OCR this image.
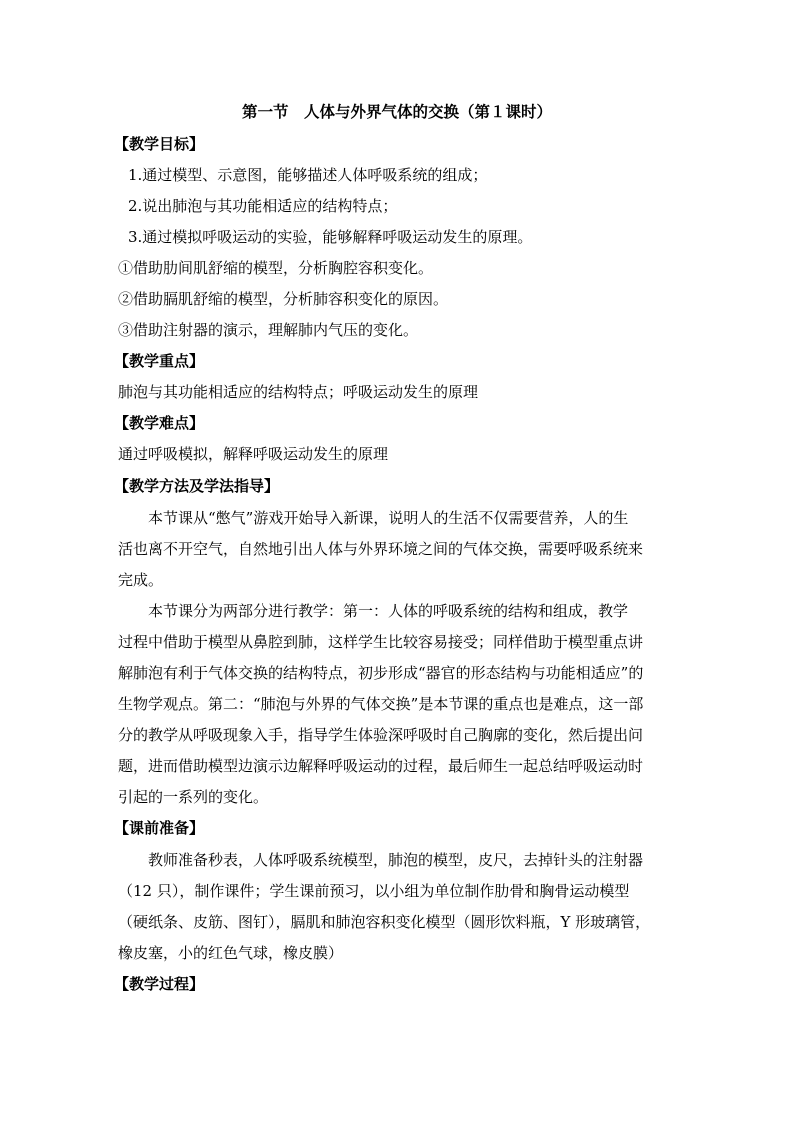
第一节　人体与外界气体的交换（第１课时）
【教学目标】
1.通过模型、示意图，能够描述人体呼吸系统的组成；
2.说出肺泡与其功能相适应的结构特点；
3.通过模拟呼吸运动的实验，能够解释呼吸运动发生的原理。
①借助肋间肌舒缩的模型，分析胸腔容积变化。
②借助膈肌舒缩的模型，分析肺容积变化的原因。
③借助注射器的演示，理解肺内气压的变化。
【教学重点】
肺泡与其功能相适应的结构特点；呼吸运动发生的原理
【教学难点】
通过呼吸模拟，解释呼吸运动发生的原理
【教学方法及学法指导】
本节课从“憋气”游戏开始导入新课，说明人的生活不仅需要营养，人的生
活也离不开空气，自然地引出人体与外界环境之间的气体交换，需要呼吸系统来
完成。
本节课分为两部分进行教学：第一：人体的呼吸系统的结构和组成，教学
过程中借助于模型从鼻腔到肺，这样学生比较容易接受；同样借助于模型重点讲
解肺泡有利于气体交换的结构特点，初步形成“器官的形态结构与功能相适应”的
生物学观点。第二：“肺泡与外界的气体交换”是本节课的重点也是难点，这一部
分的教学从呼吸现象入手，指导学生体验深呼吸时自己胸廓的变化，然后提出问
题，进而借助模型边演示边解释呼吸运动的过程，最后师生一起总结呼吸运动时
引起的一系列的变化。
【课前准备】
教师准备秒表，人体呼吸系统模型，肺泡的模型，皮尺，去掉针头的注射器
（12 只），制作课件；学生课前预习，以小组为单位制作肋骨和胸骨运动模型
（硬纸条、皮筋、图钉），膈肌和肺泡容积变化模型（圆形饮料瓶，Y 形玻璃管，
橡皮塞，小的红色气球，橡皮膜）
【教学过程】
